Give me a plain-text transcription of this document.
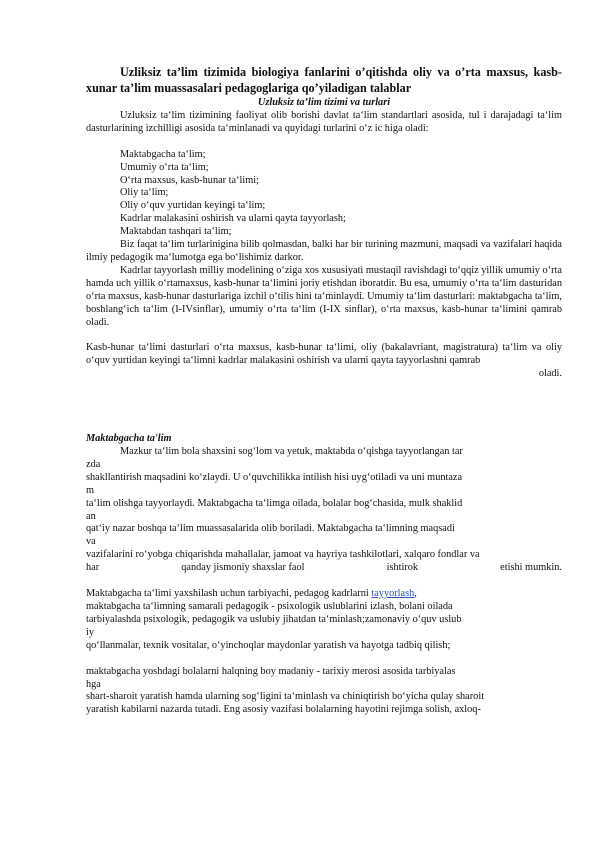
Uzliksiz ta’lim tizimida biologiya fanlarini o’qitishda oliy va o’rta maxsus, kasb-xunar ta’lim muassasalari pedagoglariga qo’yiladigan talablar

Uzluksiz ta’lim tizimi va turlari

Uzluksiz ta‘lim tizimining faoliyat olib borishi davlat ta‘lim standartlari asosida, tul i darajadagi ta‘lim dasturlarining izchilligi asosida ta‘minlanadi va quyidagi turlarini o‘z ic higa oladi:

Maktabgacha ta‘lim;
Umumiy o‘rta ta‘lim;
O‘rta maxsus, kasb-hunar ta‘limi;
Oliy ta‘lim;
Oliy o‘quv yurtidan keyingi ta‘lim;
Kadrlar malakasini oshirish va ularni qayta tayyorlash;
Maktabdan tashqari ta‘lim;

Biz faqat ta‘lim turlarinigina bilib qolmasdan, balki har bir turining mazmuni, maqsadi va vazifalari haqida ilmiy pedagogik ma‘lumotga ega bo‘lishimiz darkor.

Kadrlar tayyorlash milliy modelining o‘ziga xos xususiyati mustaqil ravishdagi to‘qqiz yillik umumiy o‘rta hamda uch yillik o‘rtamaxsus, kasb-hunar ta‘limini joriy etishdan iboratdir. Bu esa, umumiy o‘rta ta‘lim dasturidan o‘rta maxsus, kasb-hunar dasturlariga izchil o‘tilis hini ta‘minlaydi. Umumiy ta‘lim dasturlari: maktabgacha ta‘lim, boshlang‘ich ta‘lim (I-IVsinflar), umumiy o‘rta ta‘lim (I-IX sinflar), o‘rta maxsus, kasb-hunar ta‘limini qamrab oladi.

Kasb-hunar ta‘limi dasturlari o‘rta maxsus, kasb-hunar ta‘limi, oliy (bakalavriant, magistratura) ta‘lim va oliy o‘quv yurtidan keyingi ta‘limni kadrlar malakasini oshirish va ularni qayta tayyorlashni qamrab

oladi.

Maktabgacha ta'lim

Mazkur ta‘lim bola shaxsini sog‘lom va yetuk, maktabda o‘qishga tayyorlangan tar

zda

shakllantirish maqsadini ko‘zlaydi. U o‘quvchilikka intilish hisi uyg‘otiladi va uni muntaza

m

ta‘lim olishga tayyorlaydi. Maktabgacha ta‘limga oilada, bolalar bog‘chasida, mulk shaklid

an

qat‘iy nazar boshqa ta‘lim muassasalarida olib boriladi. Maktabgacha ta‘limning maqsadi

va

vazifalarini ro‘yobga chiqarishda mahallalar, jamoat va hayriya tashkilotlari, xalqaro fondlar va

har	qanday jismoniy shaxslar faol	ishtirok	etishi mumkin.

Maktabgacha ta‘limi yaxshilash uchun tarbiyachi, pedagog kadrlarni tayyorlash,

maktabgacha ta‘limning samarali pedagogik - psixologik uslublarini izlash, bolani oilada

tarbiyalashda psixologik, pedagogik va uslubiy jihatdan ta‘minlash;zamonaviy o‘quv uslub

iy

qo‘llanmalar, texnik vositalar, o‘yinchoqlar maydonlar yaratish va hayotga tadbiq qilish;

maktabgacha yoshdagi bolalarni halqning boy madaniy - tarixiy merosi asosida tarbiyalas

hga

shart-sharoit yaratish hamda ularning sog‘ligini ta‘minlash va chiniqtirish bo‘yicha qulay sharoit

yaratish kabilarni nazarda tutadi. Eng asosiy vazifasi bolalarning hayotini rejimga solish, axloq-
